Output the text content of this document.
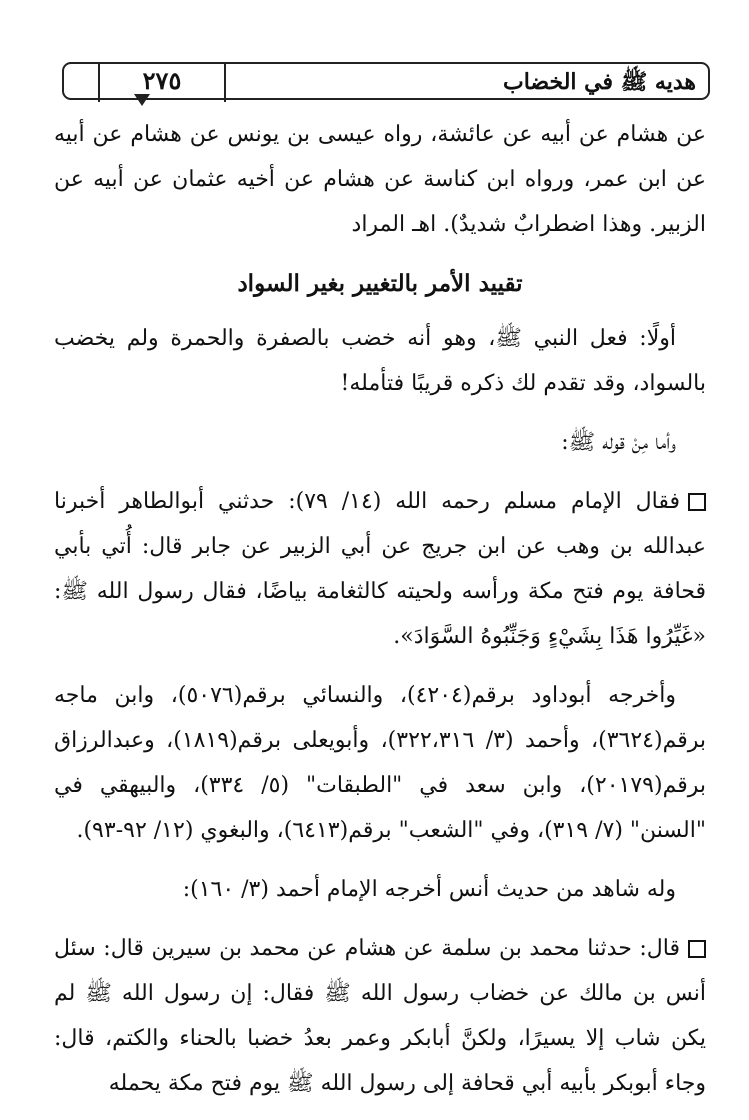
هديه ﷺ في الخضاب
٢٧٥

عن هشام عن أبيه عن عائشة، رواه عيسى بن يونس عن هشام عن أبيه عن ابن عمر، ورواه ابن كناسة عن هشام عن أخيه عثمان عن أبيه عن الزبير. وهذا اضطرابٌ شديدٌ). اهـ المراد

تقييد الأمر بالتغيير بغير السواد

أولًا: فعل النبي ﷺ، وهو أنه خضب بالصفرة والحمرة ولم يخضب بالسواد، وقد تقدم لك ذكره قريبًا فتأمله!

وأما مِنْ قوله ﷺ:

فقال الإمام مسلم رحمه الله (١٤/ ٧٩): حدثني أبوالطاهر أخبرنا عبدالله بن وهب عن ابن جريج عن أبي الزبير عن جابر قال: أُتي بأبي قحافة يوم فتح مكة ورأسه ولحيته كالثغامة بياضًا، فقال رسول الله ﷺ: «غَيِّرُوا هَذَا بِشَيْءٍ وَجَنِّبُوهُ السَّوَادَ».

وأخرجه أبوداود برقم(٤٢٠٤)، والنسائي برقم(٥٠٧٦)، وابن ماجه برقم(٣٦٢٤)، وأحمد (٣/ ٣٢٢،٣١٦)، وأبويعلى برقم(١٨١٩)، وعبدالرزاق برقم(٢٠١٧٩)، وابن سعد في "الطبقات" (٥/ ٣٣٤)، والبيهقي في "السنن" (٧/ ٣١٩)، وفي "الشعب" برقم(٦٤١٣)، والبغوي (١٢/ ٩٢-٩٣).

وله شاهد من حديث أنس أخرجه الإمام أحمد (٣/ ١٦٠):

قال: حدثنا محمد بن سلمة عن هشام عن محمد بن سيرين قال: سئل أنس بن مالك عن خضاب رسول الله ﷺ فقال: إن رسول الله ﷺ لم يكن شاب إلا يسيرًا، ولكنَّ أبابكر وعمر بعدُ خضبا بالحناء والكتم، قال: وجاء أبوبكر بأبيه أبي قحافة إلى رسول الله ﷺ يوم فتح مكة يحمله
